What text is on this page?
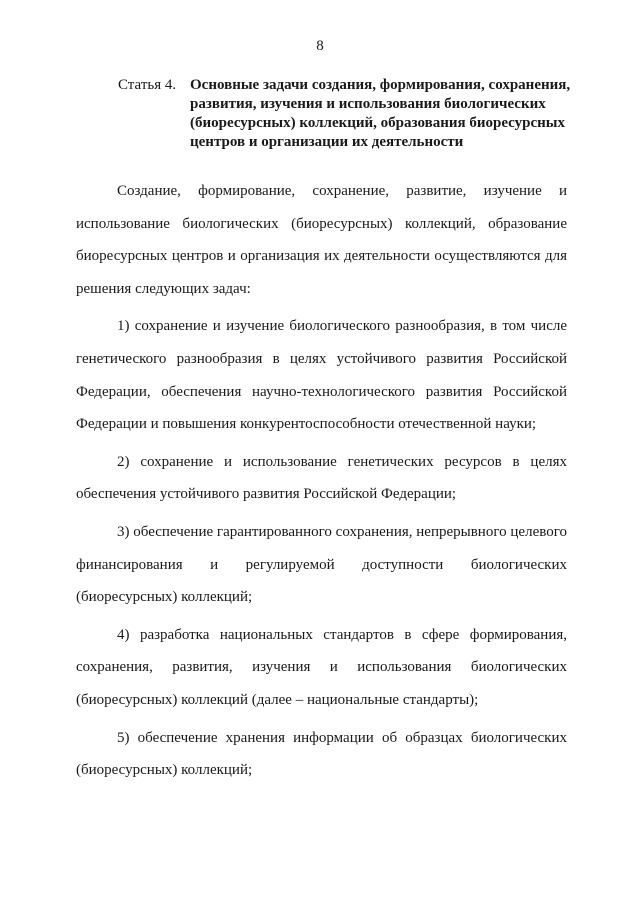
8
Статья 4. Основные задачи создания, формирования, сохранения, развития, изучения и использования биологических (биоресурсных) коллекций, образования биоресурсных центров и организации их деятельности

Создание, формирование, сохранение, развитие, изучение и использование биологических (биоресурсных) коллекций, образование биоресурсных центров и организация их деятельности осуществляются для решения следующих задач:

1) сохранение и изучение биологического разнообразия, в том числе генетического разнообразия в целях устойчивого развития Российской Федерации, обеспечения научно-технологического развития Российской Федерации и повышения конкурентоспособности отечественной науки;

2) сохранение и использование генетических ресурсов в целях обеспечения устойчивого развития Российской Федерации;

3) обеспечение гарантированного сохранения, непрерывного целевого финансирования и регулируемой доступности биологических (биоресурсных) коллекций;

4) разработка национальных стандартов в сфере формирования, сохранения, развития, изучения и использования биологических (биоресурсных) коллекций (далее – национальные стандарты);

5) обеспечение хранения информации об образцах биологических (биоресурсных) коллекций;
